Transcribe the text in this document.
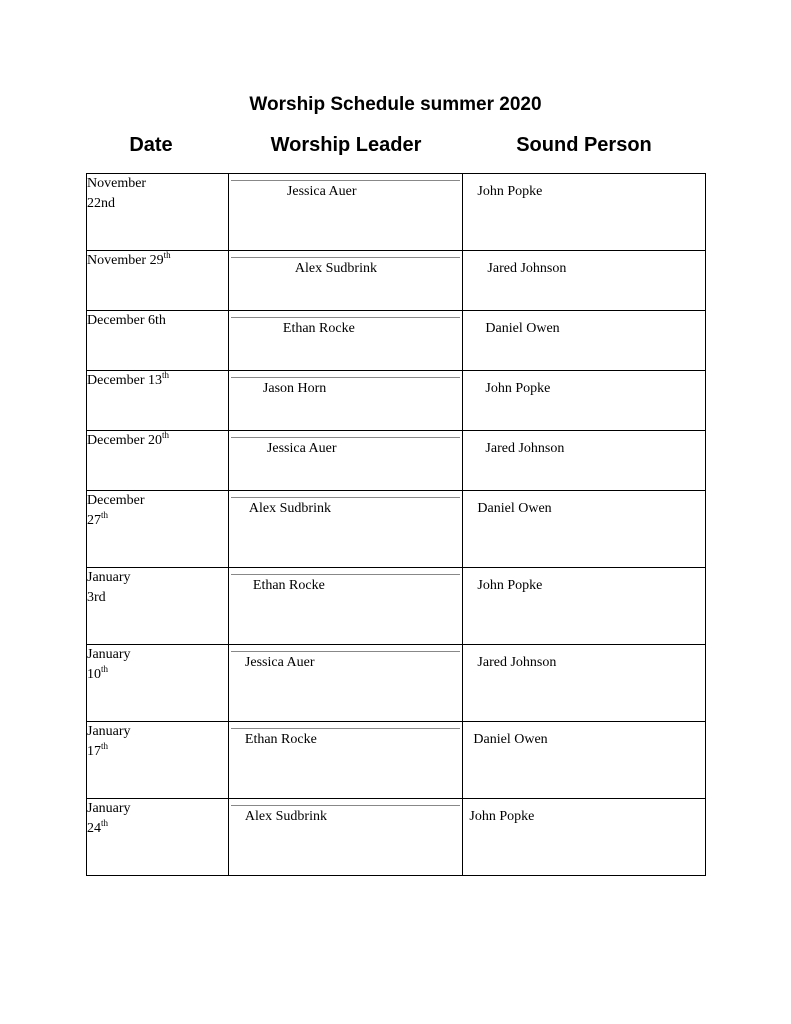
Worship Schedule summer 2020
Date	Worship Leader	Sound Person
November
22nd	Jessica Auer	John Popke

November 29th	Alex Sudbrink	Jared Johnson

December 6th	Ethan Rocke	Daniel Owen

December 13th	Jason Horn	John Popke

December 20th	Jessica Auer	Jared Johnson

December
27th	Alex Sudbrink	Daniel Owen

January
3rd	Ethan Rocke	John Popke

January
10th	Jessica Auer	Jared Johnson

January
17th	Ethan Rocke	Daniel Owen

January
24th	Alex Sudbrink	John Popke
